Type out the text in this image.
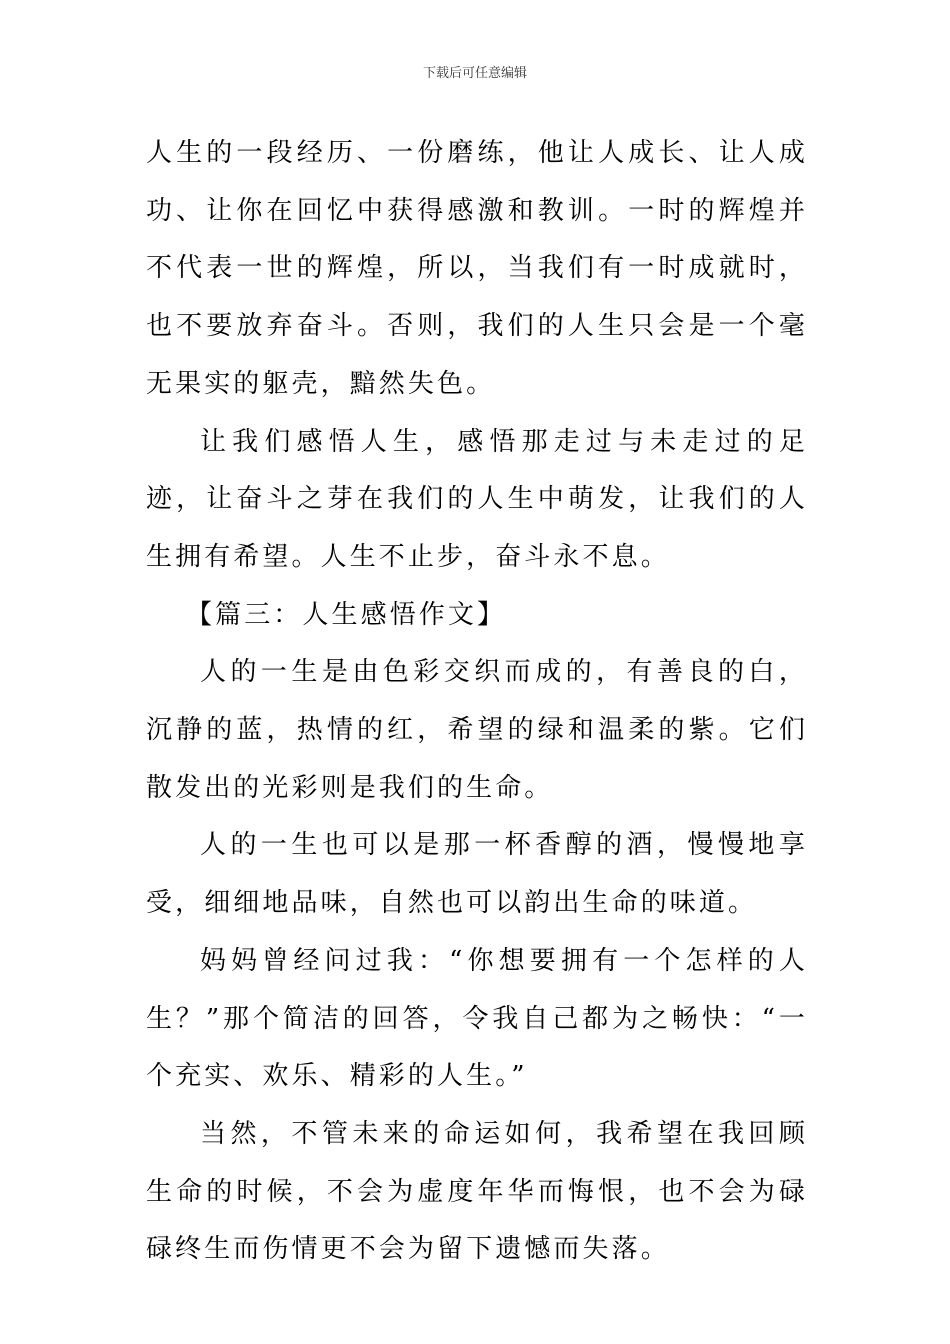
下载后可任意编辑

人生的一段经历、一份磨练，他让人成长、让人成功、让你在回忆中获得感激和教训。一时的辉煌并不代表一世的辉煌，所以，当我们有一时成就时，也不要放弃奋斗。否则，我们的人生只会是一个毫无果实的躯壳，黯然失色。

让我们感悟人生，感悟那走过与未走过的足迹，让奋斗之芽在我们的人生中萌发，让我们的人生拥有希望。人生不止步，奋斗永不息。

【篇三：人生感悟作文】

人的一生是由色彩交织而成的，有善良的白，沉静的蓝，热情的红，希望的绿和温柔的紫。它们散发出的光彩则是我们的生命。

人的一生也可以是那一杯香醇的酒，慢慢地享受，细细地品味，自然也可以韵出生命的味道。

妈妈曾经问过我：“你想要拥有一个怎样的人生？”那个简洁的回答，令我自己都为之畅快：“一个充实、欢乐、精彩的人生。”

当然，不管未来的命运如何，我希望在我回顾生命的时候，不会为虚度年华而悔恨，也不会为碌碌终生而伤情更不会为留下遗憾而失落。
